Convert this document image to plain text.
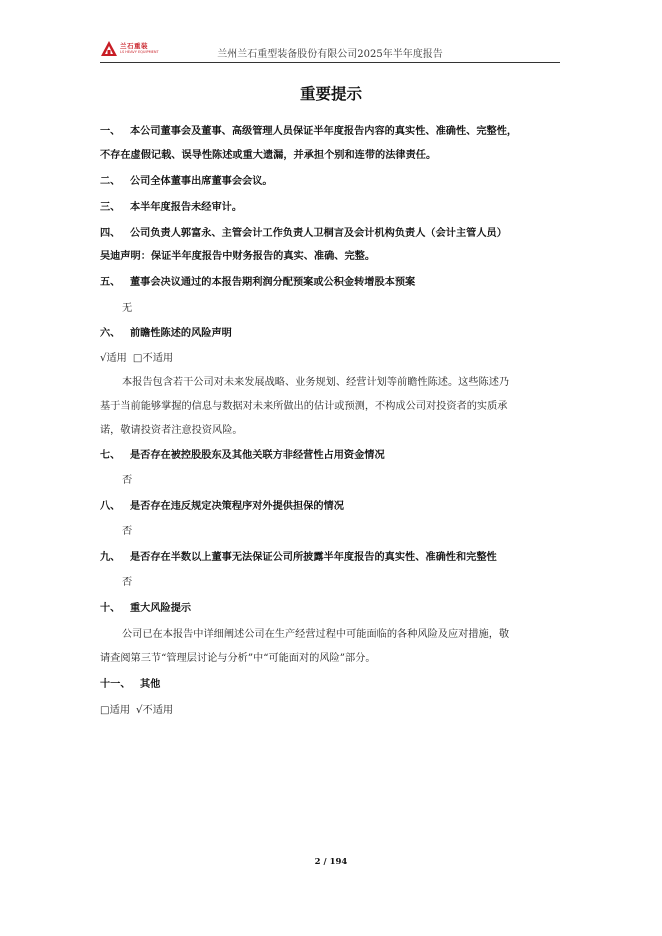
兰石重装
LS HEAVY EQUIPMENT	兰州兰石重型装备股份有限公司2025年半年度报告
重要提示
一、 本公司董事会及董事、高级管理人员保证半年度报告内容的真实性、准确性、完整性，
不存在虚假记载、误导性陈述或重大遗漏，并承担个别和连带的法律责任。
二、 公司全体董事出席董事会会议。
三、 本半年度报告未经审计。
四、 公司负责人郭富永、主管会计工作负责人卫桐言及会计机构负责人（会计主管人员）
吴迪声明：保证半年度报告中财务报告的真实、准确、完整。
五、 董事会决议通过的本报告期利润分配预案或公积金转增股本预案
无
六、 前瞻性陈述的风险声明
√适用 □不适用
本报告包含若干公司对未来发展战略、业务规划、经营计划等前瞻性陈述。这些陈述乃
基于当前能够掌握的信息与数据对未来所做出的估计或预测，不构成公司对投资者的实质承
诺，敬请投资者注意投资风险。
七、 是否存在被控股股东及其他关联方非经营性占用资金情况
否
八、 是否存在违反规定决策程序对外提供担保的情况
否
九、 是否存在半数以上董事无法保证公司所披露半年度报告的真实性、准确性和完整性
否
十、 重大风险提示
公司已在本报告中详细阐述公司在生产经营过程中可能面临的各种风险及应对措施，敬
请查阅第三节“管理层讨论与分析”中“可能面对的风险”部分。
十一、 其他
□适用 √不适用
2 / 194
